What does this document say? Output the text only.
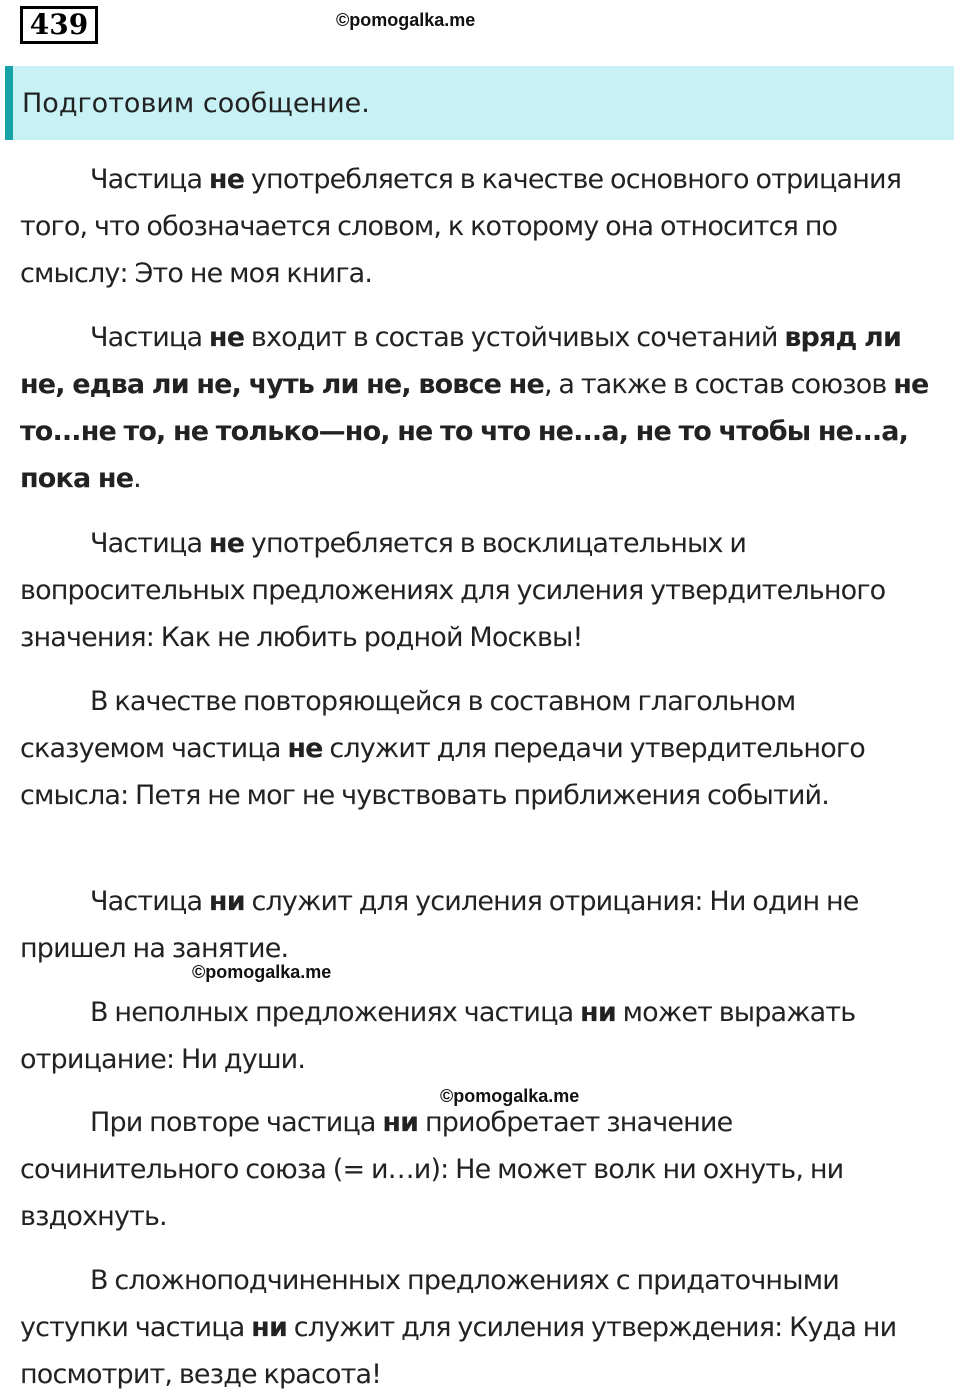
439	©pomogalka.me
Подготовим сообщение.

Частица не употребляется в качестве основного отрицания того, что обозначается словом, к которому она относится по смыслу: Это не моя книга.

Частица не входит в состав устойчивых сочетаний вряд ли не, едва ли не, чуть ли не, вовсе не, а также в состав союзов не то...не то, не только—но, не то что не...а, не то чтобы не...а, пока не.

Частица не употребляется в восклицательных и вопросительных предложениях для усиления утвердительного значения: Как не любить родной Москвы!

В качестве повторяющейся в составном глагольном сказуемом частица не служит для передачи утвердительного смысла: Петя не мог не чувствовать приближения событий.

Частица ни служит для усиления отрицания: Ни один не пришел на занятие.

В неполных предложениях частица ни может выражать отрицание: Ни души.

При повторе частица ни приобретает значение сочинительного союза (= и…и): Не может волк ни охнуть, ни вздохнуть.

В сложноподчиненных предложениях с придаточными уступки частица ни служит для усиления утверждения: Куда ни посмотрит, везде красота!

©pomogalka.me
©pomogalka.me
